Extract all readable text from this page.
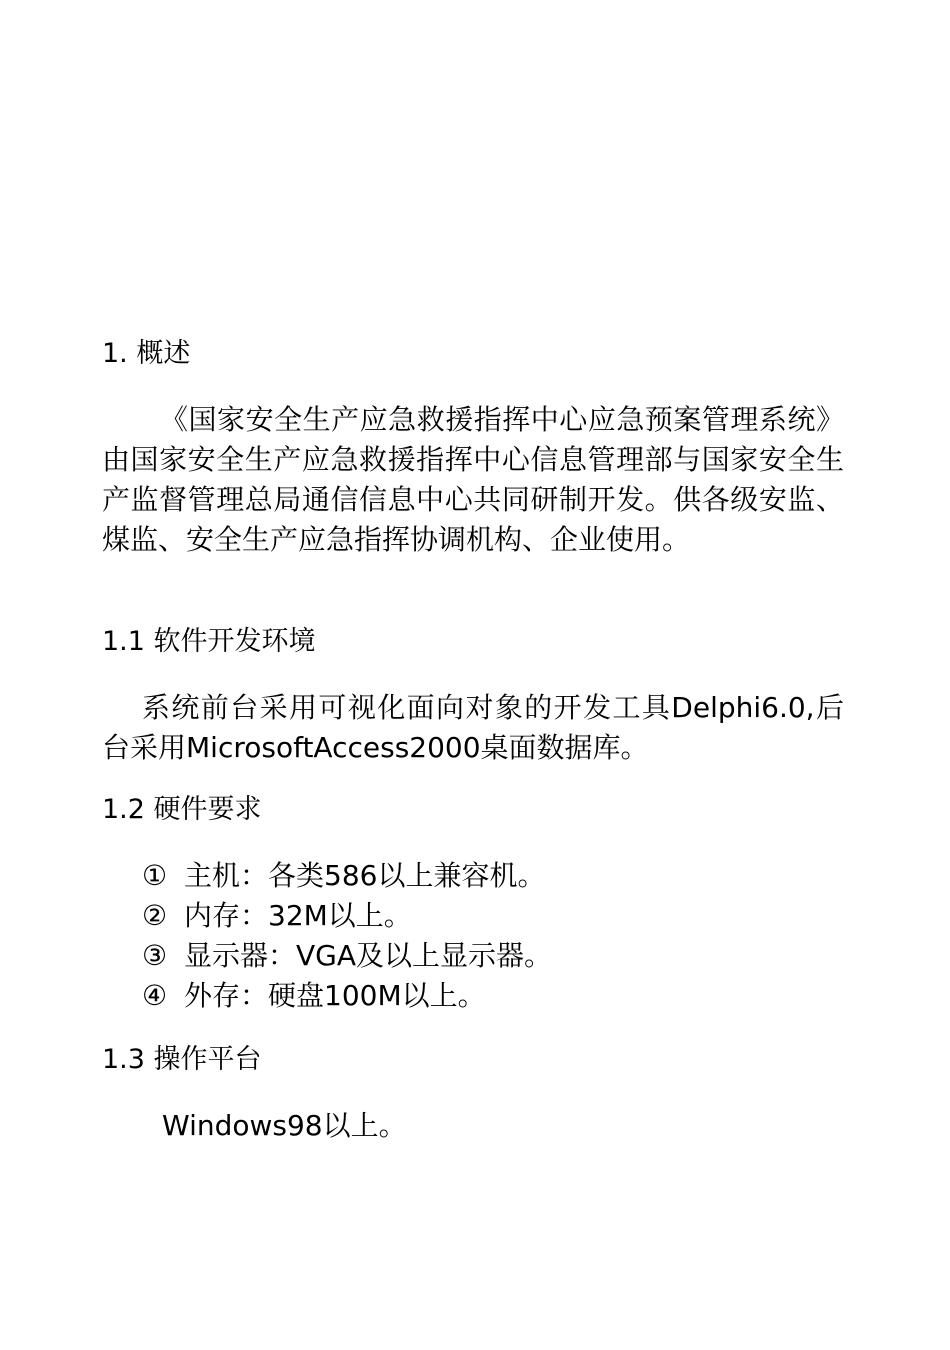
1. 概述
《国家安全生产应急救援指挥中心应急预案管理系统》由国家安全生产应急救援指挥中心信息管理部与国家安全生产监督管理总局通信信息中心共同研制开发。供各级安监、煤监、安全生产应急指挥协调机构、企业使用。
1.1 软件开发环境
系统前台采用可视化面向对象的开发工具Delphi6.0,后台采用MicrosoftAccess2000桌面数据库。
1.2 硬件要求
① 主机：各类586以上兼容机。
② 内存：32M以上。
③ 显示器：VGA及以上显示器。
④ 外存：硬盘100M以上。
1.3 操作平台
Windows98以上。
